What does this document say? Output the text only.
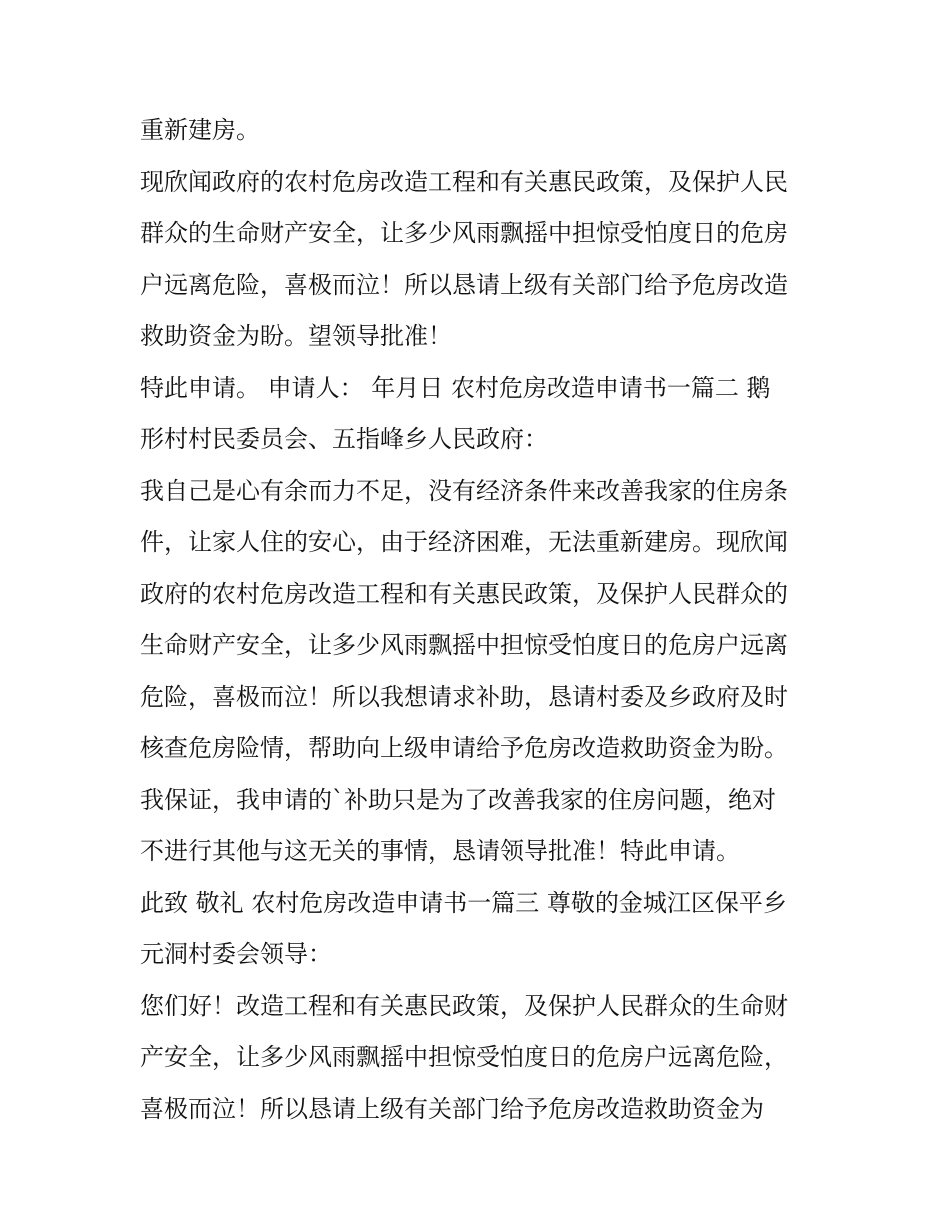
重新建房。
现欣闻政府的农村危房改造工程和有关惠民政策，及保护人民
群众的生命财产安全，让多少风雨飘摇中担惊受怕度日的危房
户远离危险，喜极而泣！所以恳请上级有关部门给予危房改造
救助资金为盼。望领导批准！
特此申请。 申请人： 年月日 农村危房改造申请书一篇二 鹅
形村村民委员会、五指峰乡人民政府：
我自己是心有余而力不足，没有经济条件来改善我家的住房条
件，让家人住的安心，由于经济困难，无法重新建房。现欣闻
政府的农村危房改造工程和有关惠民政策，及保护人民群众的
生命财产安全，让多少风雨飘摇中担惊受怕度日的危房户远离
危险，喜极而泣！所以我想请求补助，恳请村委及乡政府及时
核查危房险情，帮助向上级申请给予危房改造救助资金为盼。
我保证，我申请的`补助只是为了改善我家的住房问题，绝对
不进行其他与这无关的事情，恳请领导批准！特此申请。
此致 敬礼 农村危房改造申请书一篇三 尊敬的金城江区保平乡
元洞村委会领导：
您们好！改造工程和有关惠民政策，及保护人民群众的生命财
产安全，让多少风雨飘摇中担惊受怕度日的危房户远离危险，
喜极而泣！所以恳请上级有关部门给予危房改造救助资金为
